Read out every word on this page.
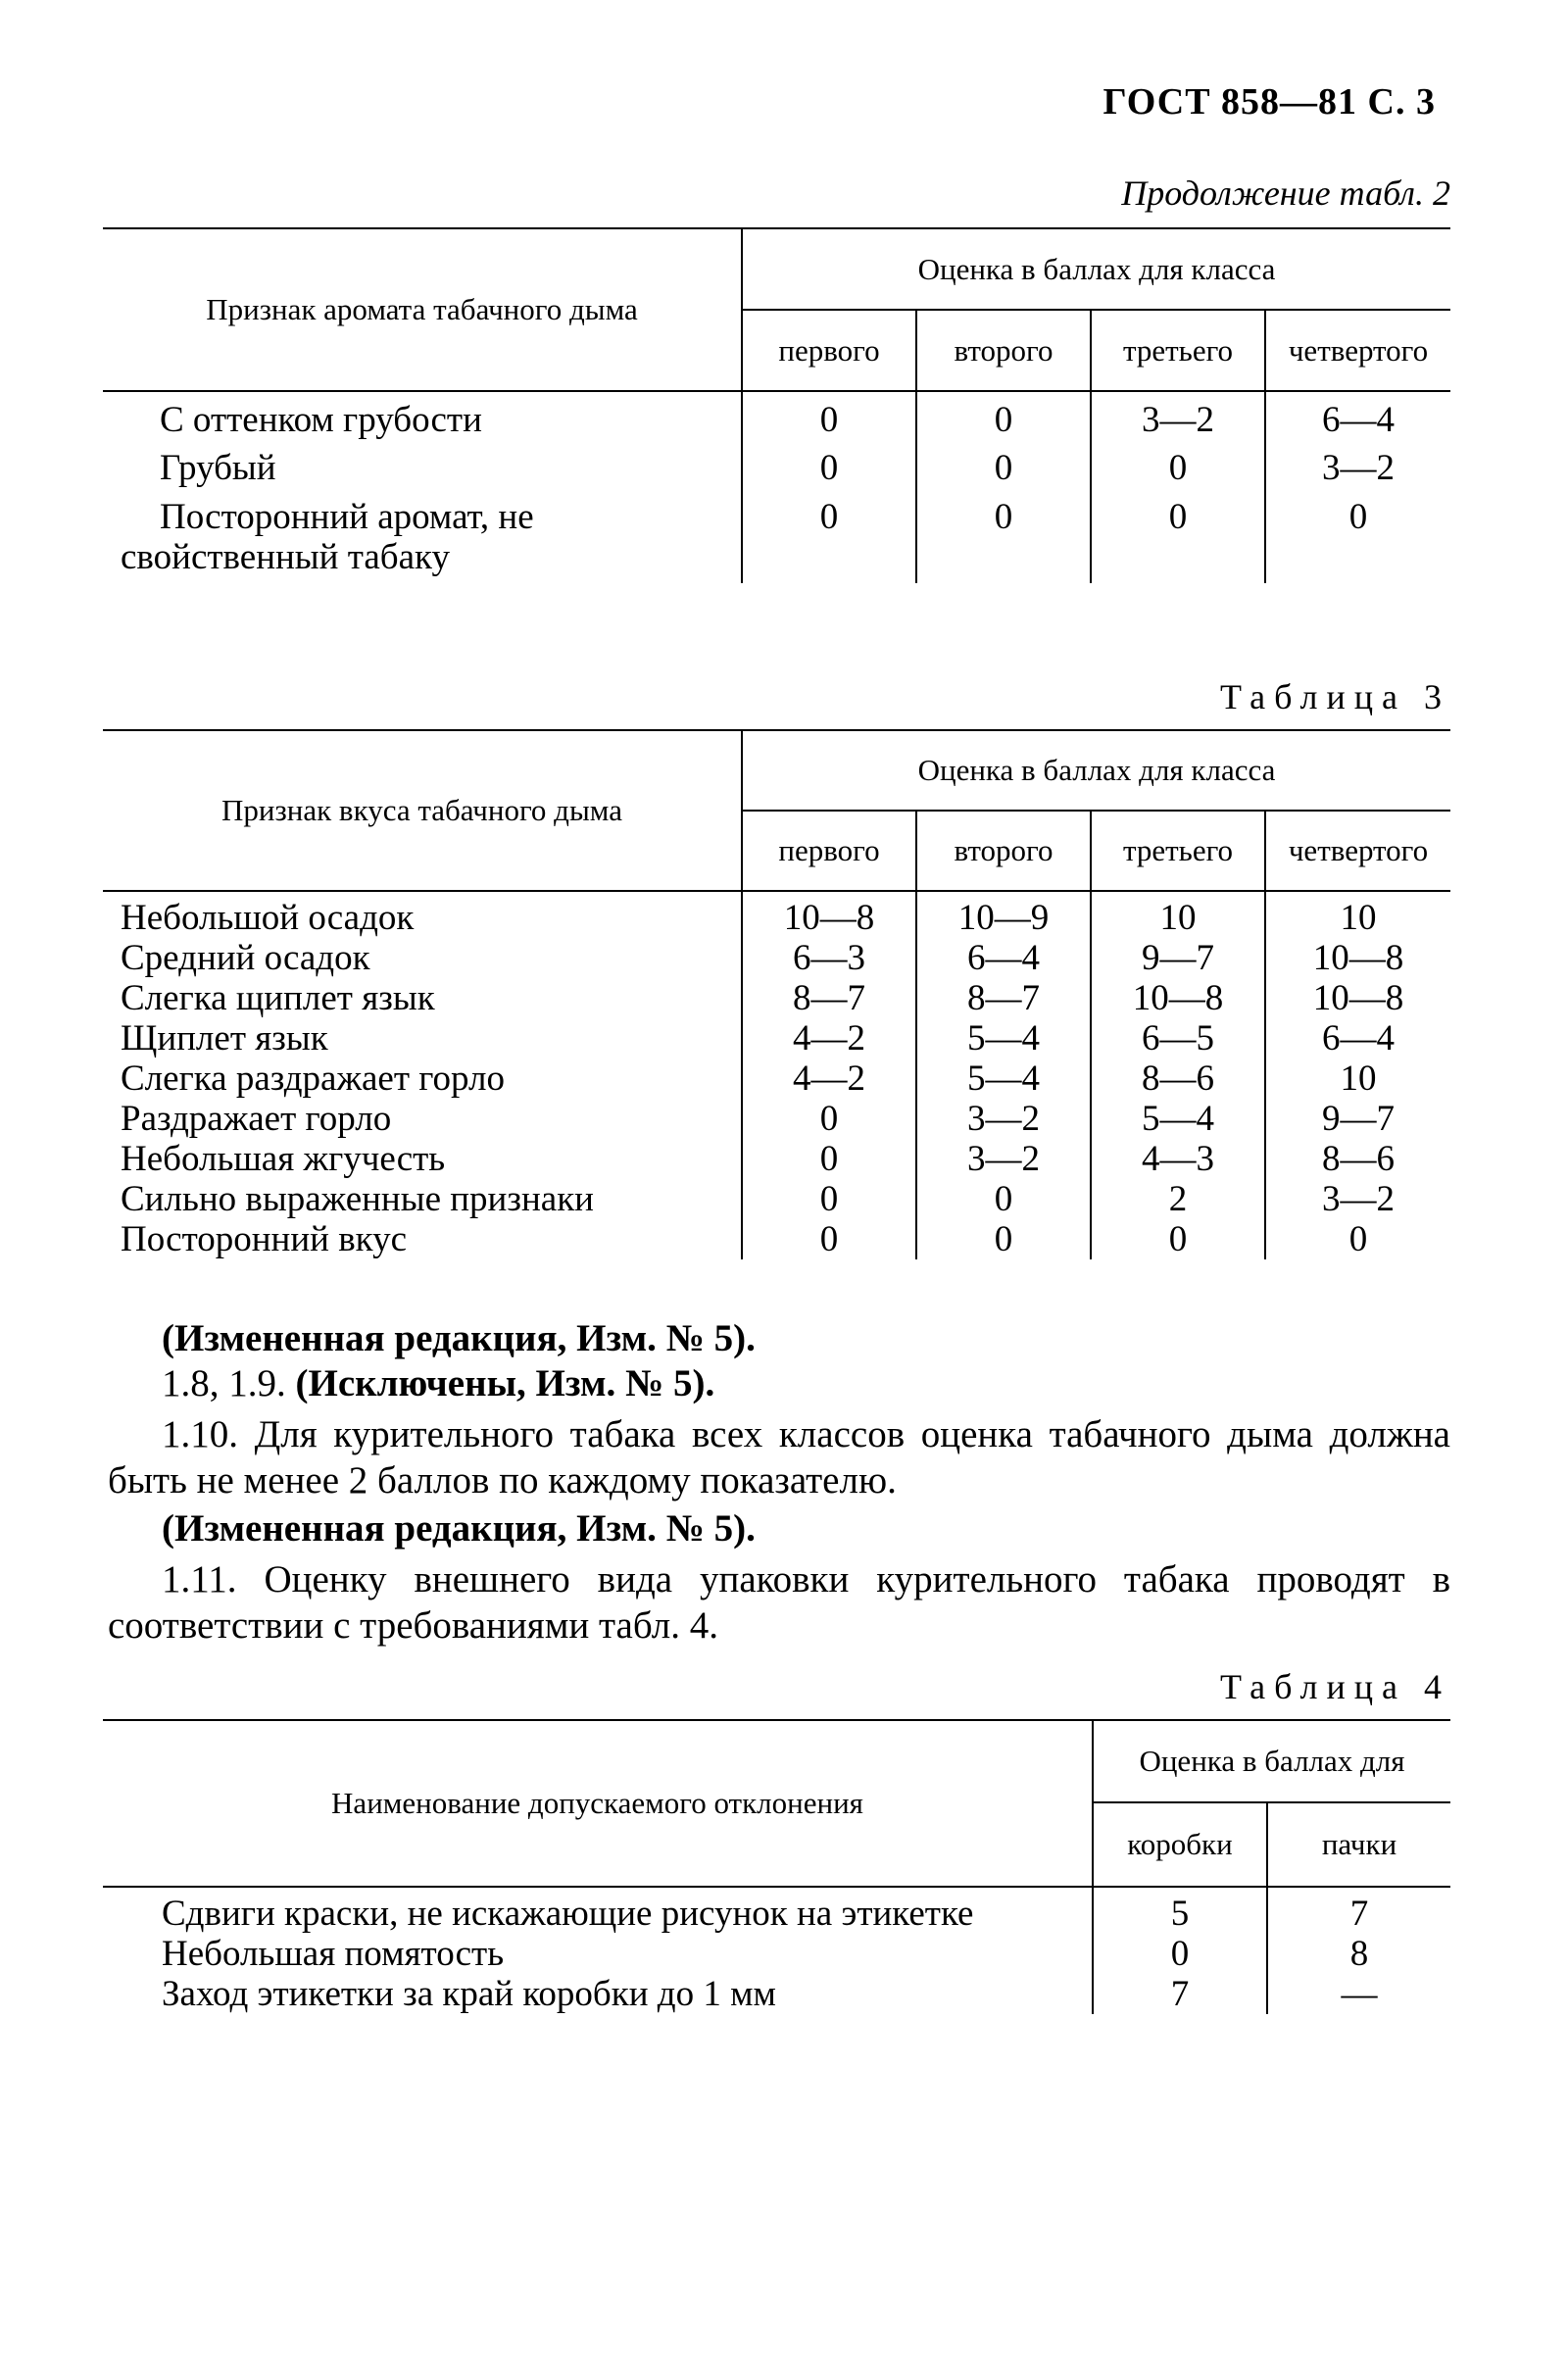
ГОСТ 858—81 С. 3
Продолжение табл. 2
Признак аромата табачного дыма	Оценка в баллах для класса			
	первого	второго	третьего	четвертого
С оттенком грубости	0	0	3—2	6—4
Грубый	0	0	0	3—2

Посторонний аромат, не
свойственный табаку	0	0	0	0
Таблица 3
Признак вкуса табачного дыма	Оценка в баллах для класса			
	первого	второго	третьего	четвертого
Небольшой осадок	10—8	10—9	10	10
Средний осадок	6—3	6—4	9—7	10—8
Слегка щиплет язык	8—7	8—7	10—8	10—8
Щиплет язык	4—2	5—4	6—5	6—4
Слегка раздражает горло	4—2	5—4	8—6	10
Раздражает горло	0	3—2	5—4	9—7
Небольшая жгучесть	0	3—2	4—3	8—6
Сильно выраженные признаки	0	0	2	3—2
Посторонний вкус	0	0	0	0
(Измененная редакция, Изм. № 5).
1.8, 1.9. (Исключены, Изм. № 5).
1.10. Для курительного табака всех классов оценка табачного дыма должна быть не менее 2 баллов по каждому показателю.
(Измененная редакция, Изм. № 5).
1.11. Оценку внешнего вида упаковки курительного табака проводят в соответствии с требованиями табл. 4.
Таблица 4
Наименование допускаемого отклонения	Оценка в баллах для	
	коробки	пачки
Сдвиги краски, не искажающие рисунок на этикетке	5	7
Небольшая помятость	0	8
Заход этикетки за край коробки до 1 мм	7	—
